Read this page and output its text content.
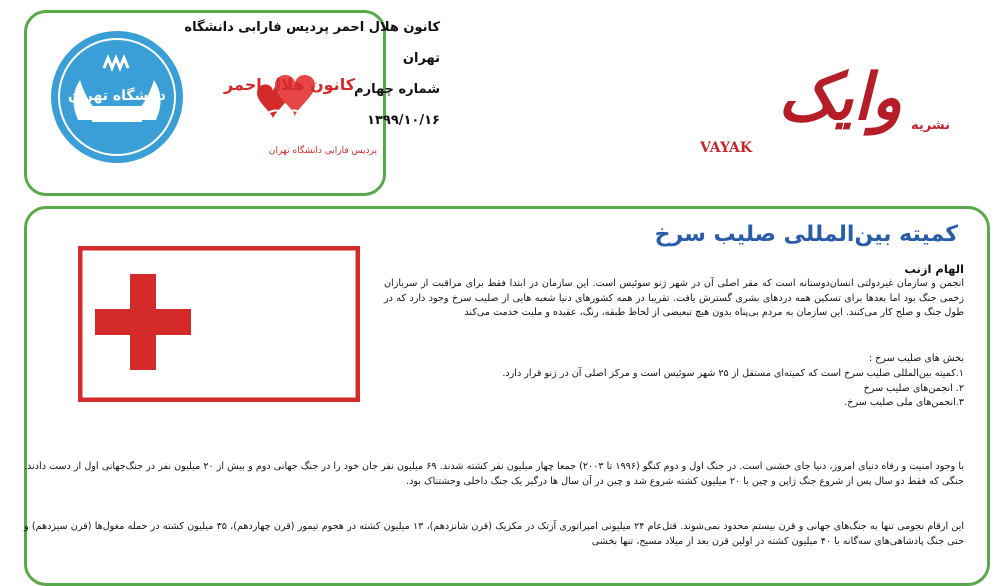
دانشگاه تهران
کانون هلال احمر
پردیس فارابی دانشگاه تهران
کانون هلال احمر پردیس فارابی دانشگاه تهران
شماره چهارم
۱۳۹۹/۱۰/۱۶	نشریه
وایک
VAYAK
کمیته بین‌المللی صلیب سرخ

الهام ازنب

انجمن و سازمان غیردولتی انسان‌دوستانه است که مقر اصلی آن در شهر ژنو سوئیس است. این سازمان در ابتدا فقط برای مراقبت از سربازان زخمی جنگ بود اما بعدها برای تسکین همه دردهای بشری گسترش یافت. تقریبا در همه کشورهای دنیا شعبه هایی از صلیب سرخ وجود دارد که در طول جنگ و صلح کار می‌کنند. این سازمان به مردم بی‌پناه بدون هیچ تبعیضی از لحاظ طبقه، رنگ، عقیده و ملیت خدمت می‌کند

بخش های صلیب سرخ :

۱.کمیته بین‌المللی صلیب سرخ است که کمیته‌ای مستقل از ۲۵ شهر سوئیس است و مرکز اصلی آن در ژنو قرار دارد.

۲. انجمن‌های صلیب سرخ

۳.انجمن‌های ملی صلیب سرخ.

با وجود امنیت و رفاه دنیای امروز، دنیا جای خشنی است. در جنگ اول و دوم کنگو (۱۹۹۶ تا ۲۰۰۳) جمعا چهار میلیون نفر کشته شدند. ۶۹ میلیون نفر جان خود را در جنگ جهانی دوم و بیش از ۲۰ میلیون نفر در جنگ‌جهانی اول از دست دادند. جنگی که فقط دو سال پس از شروع جنگ ژاپن و چین با ۲۰ میلیون کشته شروع شد و چین در آن سال ها درگیر یک جنگ داخلی وحشتناک بود.
این ارقام نجومی تنها به جنگ‌های جهانی و قرن بیستم محدود نمی‌شوند. قتل‌عام ۲۴ میلیونی امپراتوری آزتک در مکزیک (قرن شانزدهم)، ۱۳ میلیون کشته در هجوم تیمور (قرن چهاردهم)، ۳۵ میلیون کشته در حمله مغول‌ها (قرن سیزدهم) و حتی جنگ پادشاهی‌های سه‌گانه با ۴۰ میلیون کشته در اولین قرن بعد از میلاد مسیح، تنها بخشی
